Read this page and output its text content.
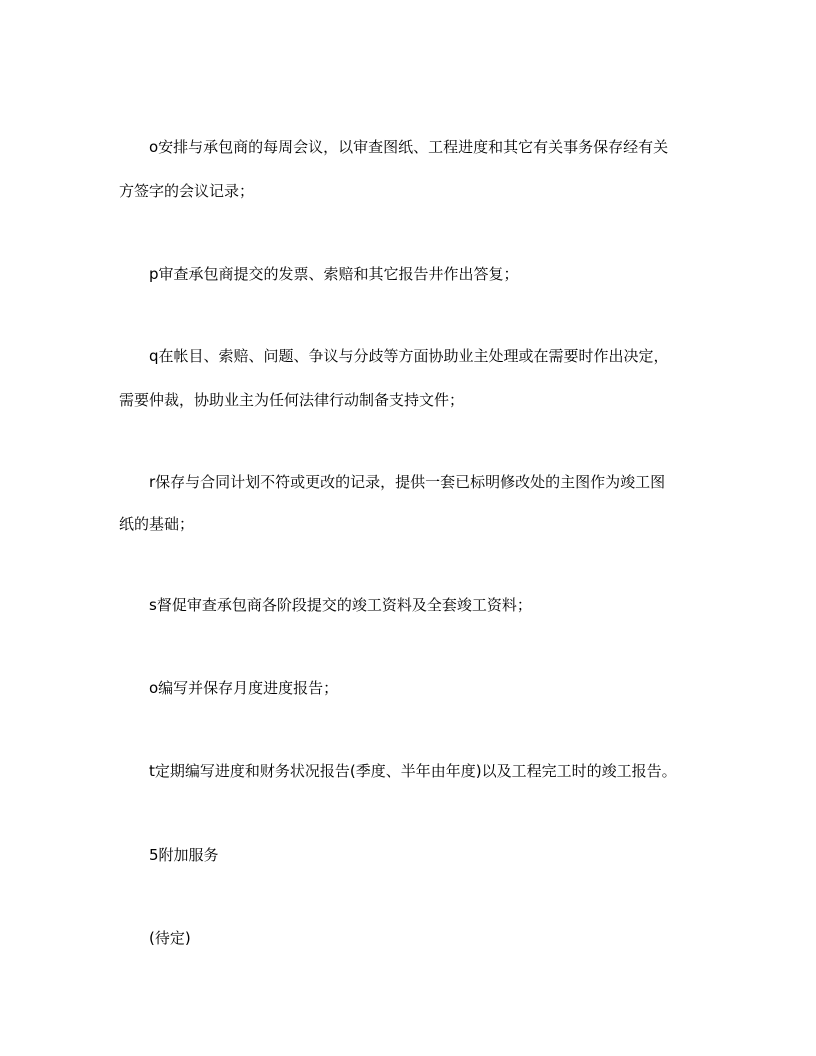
o安排与承包商的每周会议，以审查图纸、工程进度和其它有关事务保存经有关
方签字的会议记录；
p审查承包商提交的发票、索赔和其它报告井作出答复；
q在帐目、索赔、问题、争议与分歧等方面协助业主处理或在需要时作出决定，
需要仲裁，协助业主为任何法律行动制备支持文件；
r保存与合同计划不符或更改的记录，提供一套已标明修改处的主图作为竣工图
纸的基础；
s督促审查承包商各阶段提交的竣工资料及全套竣工资料；
o编写并保存月度进度报告；
t定期编写进度和财务状况报告(季度、半年由年度)以及工程完工时的竣工报告。
5附加服务
(待定)
